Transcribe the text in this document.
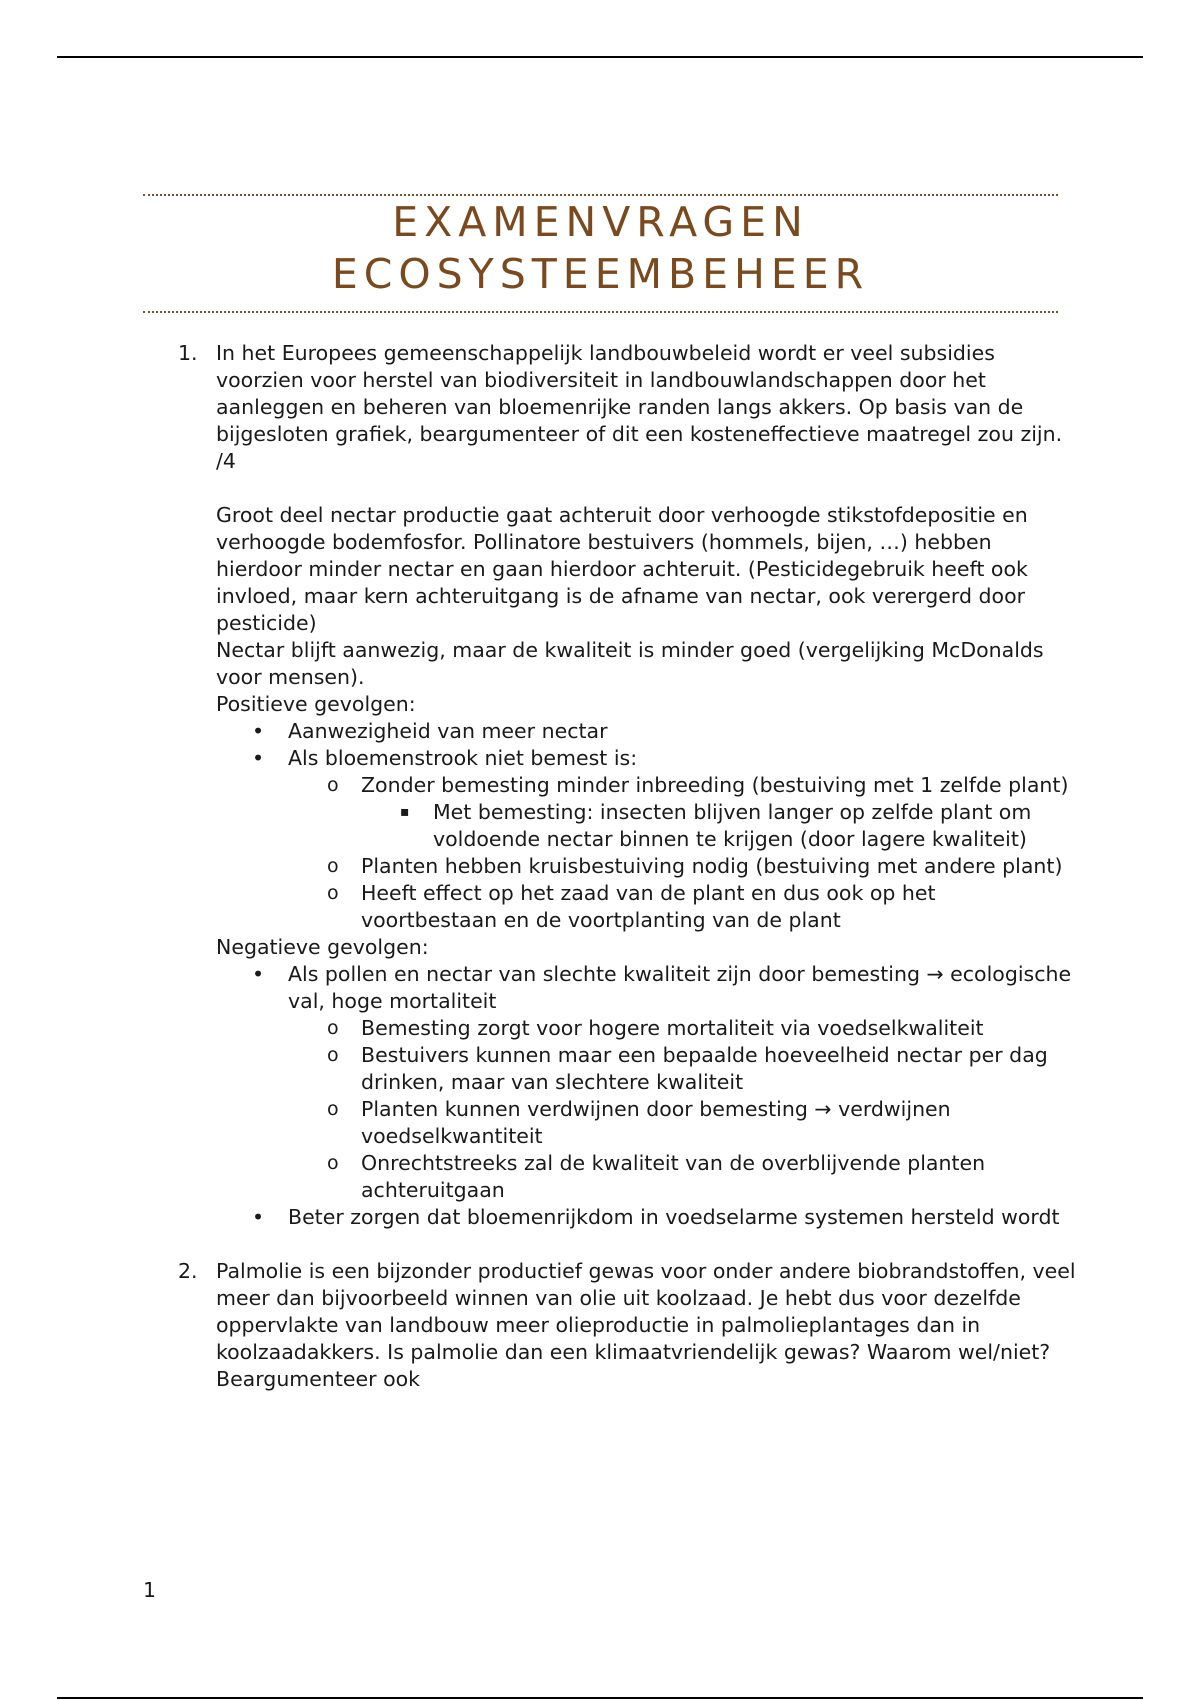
EXAMENVRAGEN
ECOSYSTEEMBEHEER
1. In het Europees gemeenschappelijk landbouwbeleid wordt er veel subsidies voorzien voor herstel van biodiversiteit in landbouwlandschappen door het aanleggen en beheren van bloemenrijke randen langs akkers. Op basis van de bijgesloten grafiek, beargumenteer of dit een kosteneffectieve maatregel zou zijn. /4
Groot deel nectar productie gaat achteruit door verhoogde stikstofdepositie en verhoogde bodemfosfor. Pollinatore bestuivers (hommels, bijen, …) hebben hierdoor minder nectar en gaan hierdoor achteruit. (Pesticidegebruik heeft ook invloed, maar kern achteruitgang is de afname van nectar, ook verergerd door pesticide)
Nectar blijft aanwezig, maar de kwaliteit is minder goed (vergelijking McDonalds voor mensen).
Positieve gevolgen:
• Aanwezigheid van meer nectar
• Als bloemenstrook niet bemest is:
o Zonder bemesting minder inbreeding (bestuiving met 1 zelfde plant)
▪ Met bemesting: insecten blijven langer op zelfde plant om voldoende nectar binnen te krijgen (door lagere kwaliteit)
o Planten hebben kruisbestuiving nodig (bestuiving met andere plant)
o Heeft effect op het zaad van de plant en dus ook op het voortbestaan en de voortplanting van de plant
Negatieve gevolgen:
• Als pollen en nectar van slechte kwaliteit zijn door bemesting → ecologische val, hoge mortaliteit
o Bemesting zorgt voor hogere mortaliteit via voedselkwaliteit
o Bestuivers kunnen maar een bepaalde hoeveelheid nectar per dag drinken, maar van slechtere kwaliteit
o Planten kunnen verdwijnen door bemesting → verdwijnen voedselkwantiteit
o Onrechtstreeks zal de kwaliteit van de overblijvende planten achteruitgaan
• Beter zorgen dat bloemenrijkdom in voedselarme systemen hersteld wordt
2. Palmolie is een bijzonder productief gewas voor onder andere biobrandstoffen, veel meer dan bijvoorbeeld winnen van olie uit koolzaad. Je hebt dus voor dezelfde oppervlakte van landbouw meer olieproductie in palmolieplantages dan in koolzaadakkers. Is palmolie dan een klimaatvriendelijk gewas? Waarom wel/niet? Beargumenteer ook
1
